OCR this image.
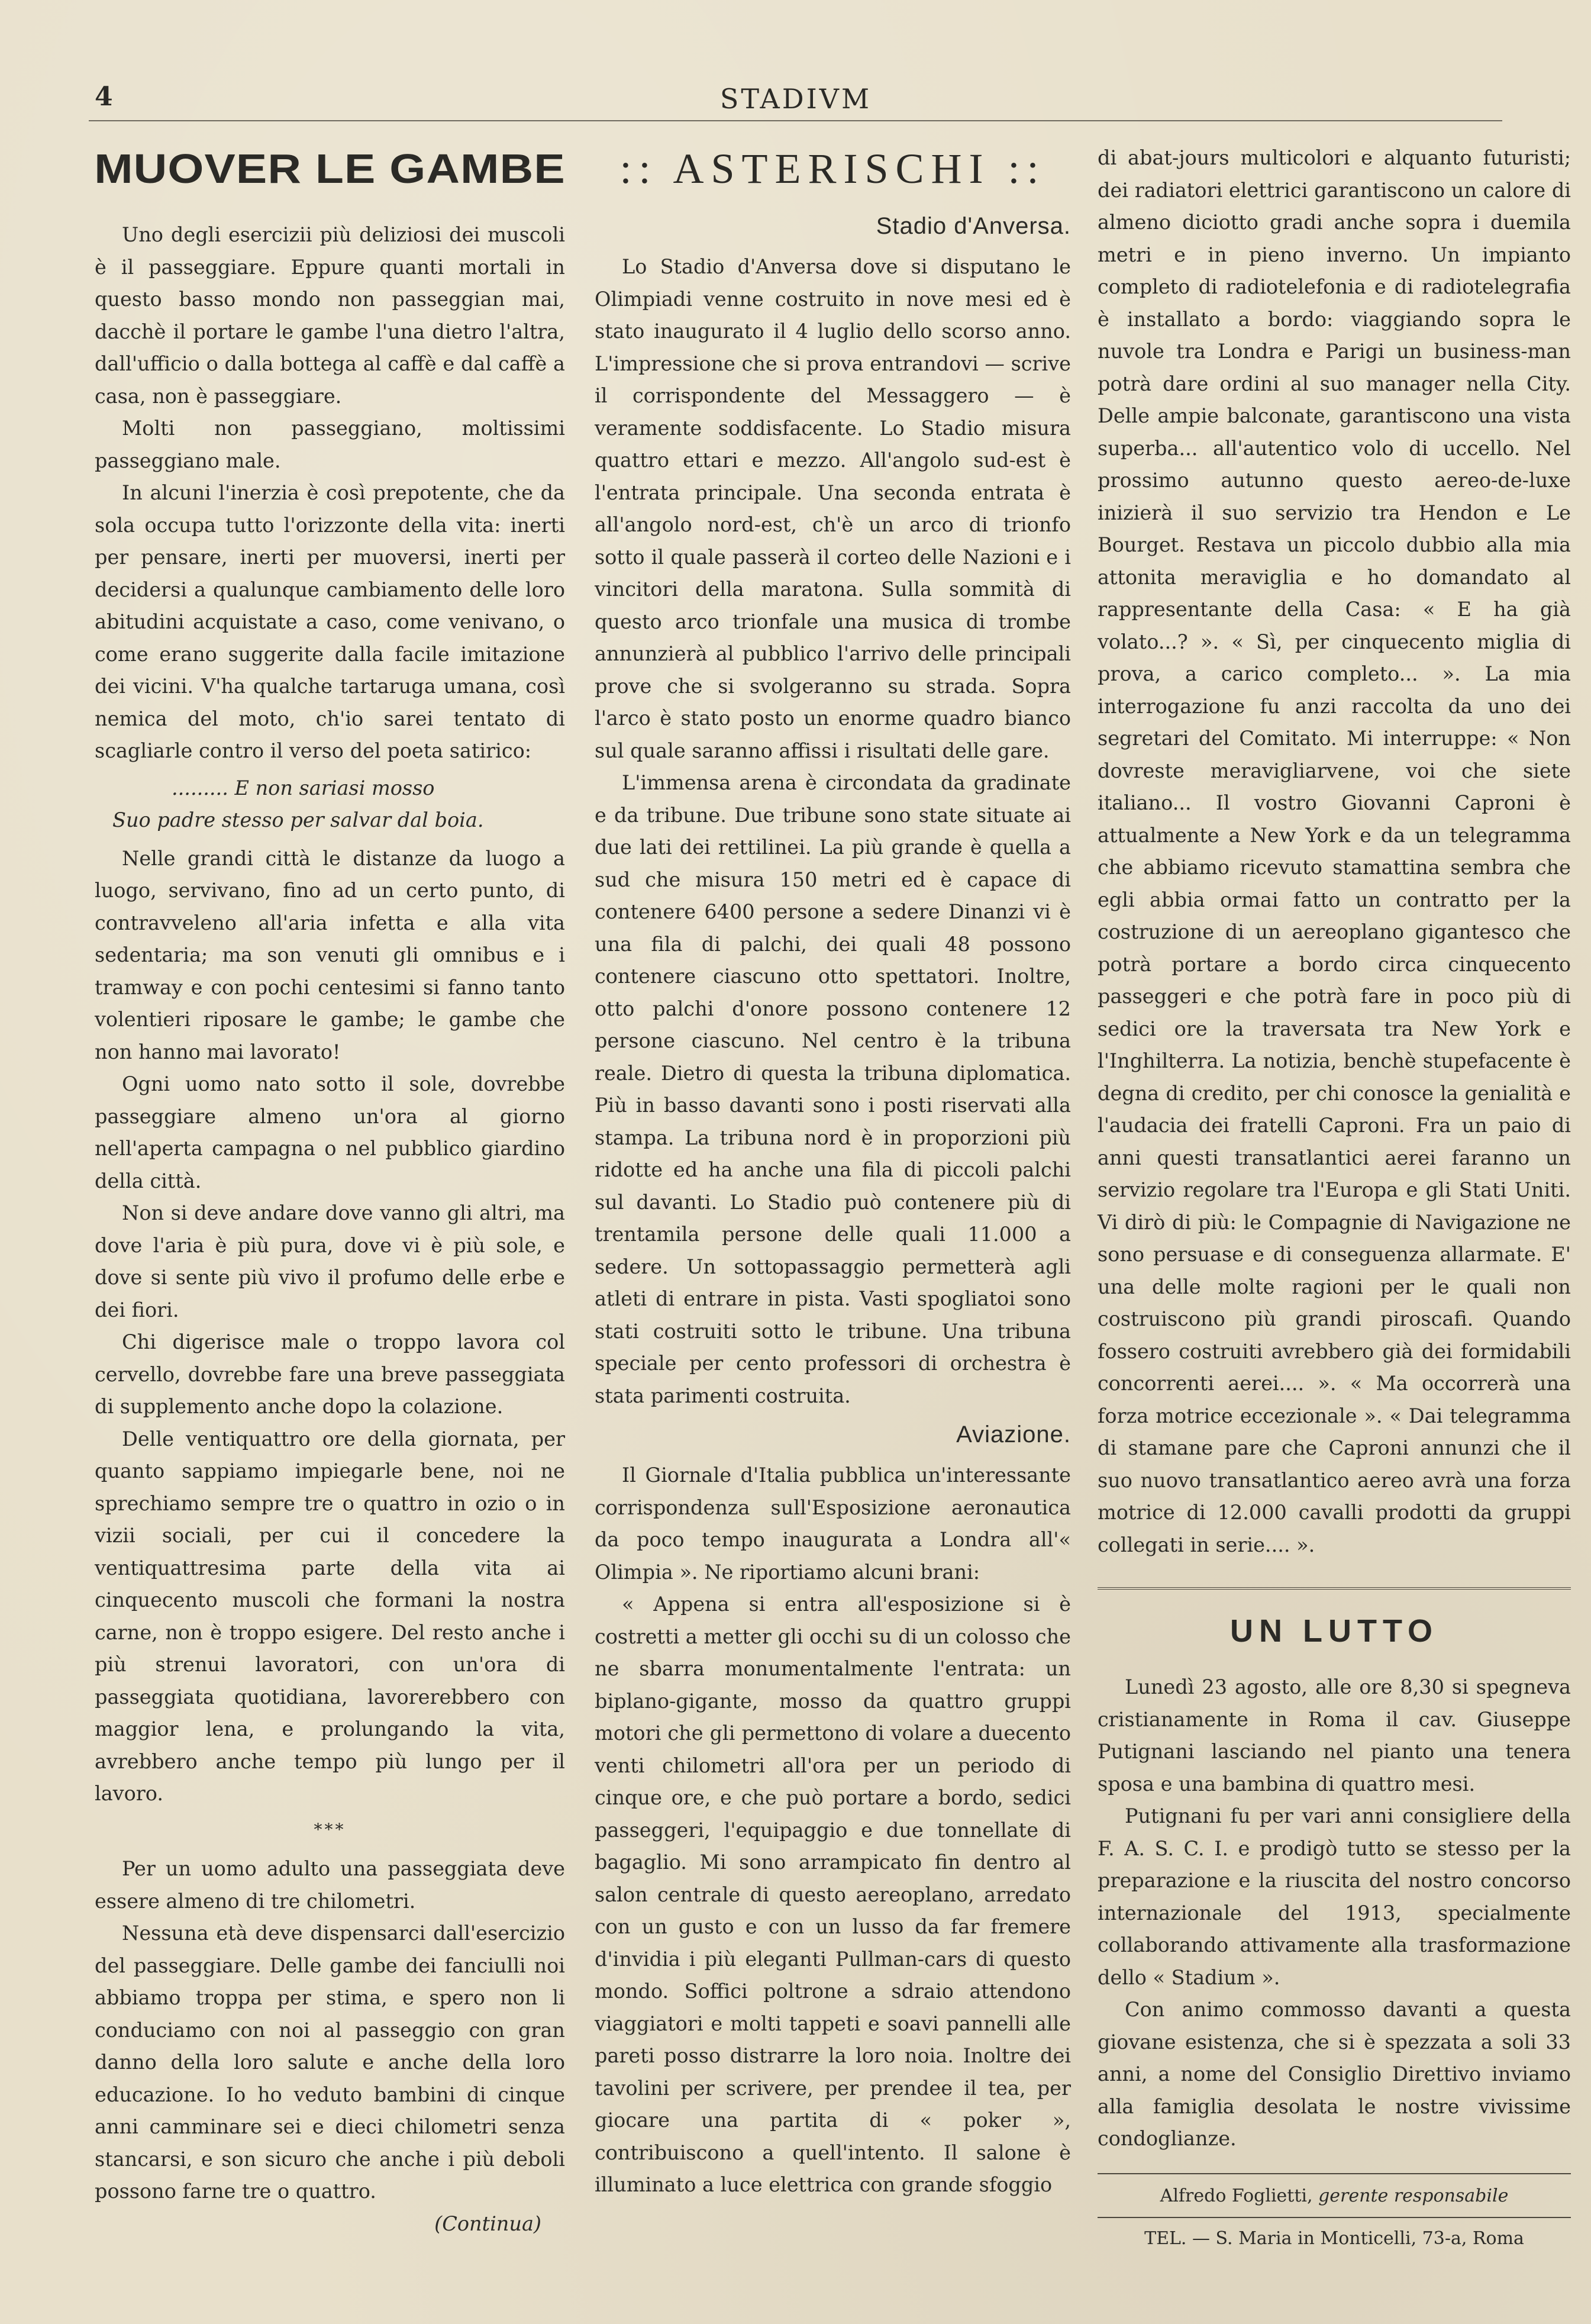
4	STADIVM
MUOVER LE GAMBE

Uno degli esercizii più deliziosi dei muscoli è il passeggiare. Eppure quanti mortali in questo basso mondo non passeggian mai, dacchè il portare le gambe l'una dietro l'altra, dall'ufficio o dalla bottega al caffè e dal caffè a casa, non è passeggiare.

Molti non passeggiano, moltissimi passeggiano male.

In alcuni l'inerzia è così prepotente, che da sola occupa tutto l'orizzonte della vita: inerti per pensare, inerti per muoversi, inerti per decidersi a qualunque cambiamento delle loro abitudini acquistate a caso, come venivano, o come erano suggerite dalla facile imitazione dei vicini. V'ha qualche tartaruga umana, così nemica del moto, ch'io sarei tentato di scagliarle contro il verso del poeta satirico:

......... E non sariasi mosso
Suo padre stesso per salvar dal boia.

Nelle grandi città le distanze da luogo a luogo, servivano, fino ad un certo punto, di contravveleno all'aria infetta e alla vita sedentaria; ma son venuti gli omnibus e i tramway e con pochi centesimi si fanno tanto volentieri riposare le gambe; le gambe che non hanno mai lavorato!

Ogni uomo nato sotto il sole, dovrebbe passeggiare almeno un'ora al giorno nell'aperta campagna o nel pubblico giardino della città.

Non si deve andare dove vanno gli altri, ma dove l'aria è più pura, dove vi è più sole, e dove si sente più vivo il profumo delle erbe e dei fiori.

Chi digerisce male o troppo lavora col cervello, dovrebbe fare una breve passeggiata di supplemento anche dopo la colazione.

Delle ventiquattro ore della giornata, per quanto sappiamo impiegarle bene, noi ne sprechiamo sempre tre o quattro in ozio o in vizii sociali, per cui il concedere la ventiquattresima parte della vita ai cinquecento muscoli che formani la nostra carne, non è troppo esigere. Del resto anche i più strenui lavoratori, con un'ora di passeggiata quotidiana, lavorerebbero con maggior lena, e prolungando la vita, avrebbero anche tempo più lungo per il lavoro.

***

Per un uomo adulto una passeggiata deve essere almeno di tre chilometri.

Nessuna età deve dispensarci dall'esercizio del passeggiare. Delle gambe dei fanciulli noi abbiamo troppa per stima, e spero non li conduciamo con noi al passeggio con gran danno della loro salute e anche della loro educazione. Io ho veduto bambini di cinque anni camminare sei e dieci chilometri senza stancarsi, e son sicuro che anche i più deboli possono farne tre o quattro.

(Continua)
:: ASTERISCHI ::
Stadio d'Anversa.

Lo Stadio d'Anversa dove si disputano le Olimpiadi venne costruito in nove mesi ed è stato inaugurato il 4 luglio dello scorso anno. L'impressione che si prova entrandovi — scrive il corrispondente del Messaggero — è veramente soddisfacente. Lo Stadio misura quattro ettari e mezzo. All'angolo sud-est è l'entrata principale. Una seconda entrata è all'angolo nord-est, ch'è un arco di trionfo sotto il quale passerà il corteo delle Nazioni e i vincitori della maratona. Sulla sommità di questo arco trionfale una musica di trombe annunzierà al pubblico l'arrivo delle principali prove che si svolgeranno su strada. Sopra l'arco è stato posto un enorme quadro bianco sul quale saranno affissi i risultati delle gare.

L'immensa arena è circondata da gradinate e da tribune. Due tribune sono state situate ai due lati dei rettilinei. La più grande è quella a sud che misura 150 metri ed è capace di contenere 6400 persone a sedere Dinanzi vi è una fila di palchi, dei quali 48 possono contenere ciascuno otto spettatori. Inoltre, otto palchi d'onore possono contenere 12 persone ciascuno. Nel centro è la tribuna reale. Dietro di questa la tribuna diplomatica. Più in basso davanti sono i posti riservati alla stampa. La tribuna nord è in proporzioni più ridotte ed ha anche una fila di piccoli palchi sul davanti. Lo Stadio può contenere più di trentamila persone delle quali 11.000 a sedere. Un sottopassaggio permetterà agli atleti di entrare in pista. Vasti spogliatoi sono stati costruiti sotto le tribune. Una tribuna speciale per cento professori di orchestra è stata parimenti costruita.

Aviazione.

Il Giornale d'Italia pubblica un'interessante corrispondenza sull'Esposizione aeronautica da poco tempo inaugurata a Londra all'« Olimpia ». Ne riportiamo alcuni brani:

« Appena si entra all'esposizione si è costretti a metter gli occhi su di un colosso che ne sbarra monumentalmente l'entrata: un biplano-gigante, mosso da quattro gruppi motori che gli permettono di volare a duecento venti chilometri all'ora per un periodo di cinque ore, e che può portare a bordo, sedici passeggeri, l'equipaggio e due tonnellate di bagaglio. Mi sono arrampicato fin dentro al salon centrale di questo aereoplano, arredato con un gusto e con un lusso da far fremere d'invidia i più eleganti Pullman-cars di questo mondo. Soffici poltrone a sdraio attendono viaggiatori e molti tappeti e soavi pannelli alle pareti posso distrarre la loro noia. Inoltre dei tavolini per scrivere, per prendee il tea, per giocare una partita di « poker », contribuiscono a quell'intento. Il salone è illuminato a luce elettrica con grande sfoggio

di abat-jours multicolori e alquanto futuristi; dei radiatori elettrici garantiscono un calore di almeno diciotto gradi anche sopra i duemila metri e in pieno inverno. Un impianto completo di radiotelefonia e di radiotelegrafia è installato a bordo: viaggiando sopra le nuvole tra Londra e Parigi un business-man potrà dare ordini al suo manager nella City. Delle ampie balconate, garantiscono una vista superba... all'autentico volo di uccello. Nel prossimo autunno questo aereo-de-luxe inizierà il suo servizio tra Hendon e Le Bourget. Restava un piccolo dubbio alla mia attonita meraviglia e ho domandato al rappresentante della Casa: « E ha già volato...? ». « Sì, per cinquecento miglia di prova, a carico completo... ». La mia interrogazione fu anzi raccolta da uno dei segretari del Comitato. Mi interruppe: « Non dovreste meravigliarvene, voi che siete italiano... Il vostro Giovanni Caproni è attualmente a New York e da un telegramma che abbiamo ricevuto stamattina sembra che egli abbia ormai fatto un contratto per la costruzione di un aereoplano gigantesco che potrà portare a bordo circa cinquecento passeggeri e che potrà fare in poco più di sedici ore la traversata tra New York e l'Inghilterra. La notizia, benchè stupefacente è degna di credito, per chi conosce la genialità e l'audacia dei fratelli Caproni. Fra un paio di anni questi transatlantici aerei faranno un servizio regolare tra l'Europa e gli Stati Uniti. Vi dirò di più: le Compagnie di Navigazione ne sono persuase e di conseguenza allarmate. E' una delle molte ragioni per le quali non costruiscono più grandi piroscafi. Quando fossero costruiti avrebbero già dei formidabili concorrenti aerei.... ». « Ma occorrerà una forza motrice eccezionale ». « Dai telegramma di stamane pare che Caproni annunzi che il suo nuovo transatlantico aereo avrà una forza motrice di 12.000 cavalli prodotti da gruppi collegati in serie.... ».

UN LUTTO

Lunedì 23 agosto, alle ore 8,30 si spegneva cristianamente in Roma il cav. Giuseppe Putignani lasciando nel pianto una tenera sposa e una bambina di quattro mesi.

Putignani fu per vari anni consigliere della F. A. S. C. I. e prodigò tutto se stesso per la preparazione e la riuscita del nostro concorso internazionale del 1913, specialmente collaborando attivamente alla trasformazione dello « Stadium ».

Con animo commosso davanti a questa giovane esistenza, che si è spezzata a soli 33 anni, a nome del Consiglio Direttivo inviamo alla famiglia desolata le nostre vivissime condoglianze.

Alfredo Foglietti, gerente responsabile
TEL. — S. Maria in Monticelli, 73-a, Roma
